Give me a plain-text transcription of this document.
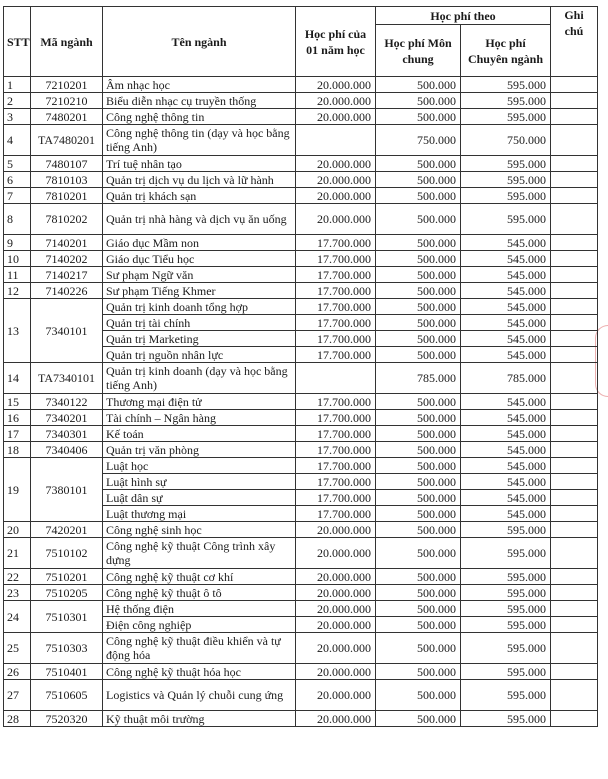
STT	Mã ngành	Tên ngành	Học phí của 01 năm học	Học phí theo		Ghi chú
				Học phí Môn chung	Học phí Chuyên ngành	
1	7210201	Âm nhạc học	20.000.000	500.000	595.000	
2	7210210	Biểu diễn nhạc cụ truyền thống	20.000.000	500.000	595.000	
3	7480201	Công nghệ thông tin	20.000.000	500.000	595.000	
4	TA7480201	Công nghệ thông tin (dạy và học bằng tiếng Anh)		750.000	750.000	
5	7480107	Trí tuệ nhân tạo	20.000.000	500.000	595.000	
6	7810103	Quản trị dịch vụ du lịch và lữ hành	20.000.000	500.000	595.000	
7	7810201	Quản trị khách sạn	20.000.000	500.000	595.000	
8	7810202	Quản trị nhà hàng và dịch vụ ăn uống	20.000.000	500.000	595.000	
9	7140201	Giáo dục Mầm non	17.700.000	500.000	545.000	
10	7140202	Giáo dục Tiểu học	17.700.000	500.000	545.000	
11	7140217	Sư phạm Ngữ văn	17.700.000	500.000	545.000	
12	7140226	Sư phạm Tiếng Khmer	17.700.000	500.000	545.000	
13	7340101	Quản trị kinh doanh tổng hợp	17.700.000	500.000	545.000	
		Quản trị tài chính	17.700.000	500.000	545.000	
		Quản trị Marketing	17.700.000	500.000	545.000	
		Quản trị nguồn nhân lực	17.700.000	500.000	545.000	
14	TA7340101	Quản trị kinh doanh (dạy và học bằng tiếng Anh)		785.000	785.000	
15	7340122	Thương mại điện tử	17.700.000	500.000	545.000	
16	7340201	Tài chính – Ngân hàng	17.700.000	500.000	545.000	
17	7340301	Kế toán	17.700.000	500.000	545.000	
18	7340406	Quản trị văn phòng	17.700.000	500.000	545.000	
19	7380101	Luật học	17.700.000	500.000	545.000	
		Luật hình sự	17.700.000	500.000	545.000	
		Luật dân sự	17.700.000	500.000	545.000	
		Luật thương mại	17.700.000	500.000	545.000	
20	7420201	Công nghệ sinh học	20.000.000	500.000	595.000	
21	7510102	Công nghệ kỹ thuật Công trình xây dựng	20.000.000	500.000	595.000	
22	7510201	Công nghệ kỹ thuật cơ khí	20.000.000	500.000	595.000	
23	7510205	Công nghệ kỹ thuật ô tô	20.000.000	500.000	595.000	
24	7510301	Hệ thống điện	20.000.000	500.000	595.000	
		Điện công nghiệp	20.000.000	500.000	595.000	
25	7510303	Công nghệ kỹ thuật điều khiển và tự động hóa	20.000.000	500.000	595.000	
26	7510401	Công nghệ kỹ thuật hóa học	20.000.000	500.000	595.000	
27	7510605	Logistics và Quản lý chuỗi cung ứng	20.000.000	500.000	595.000	
28	7520320	Kỹ thuật môi trường	20.000.000	500.000	595.000	
